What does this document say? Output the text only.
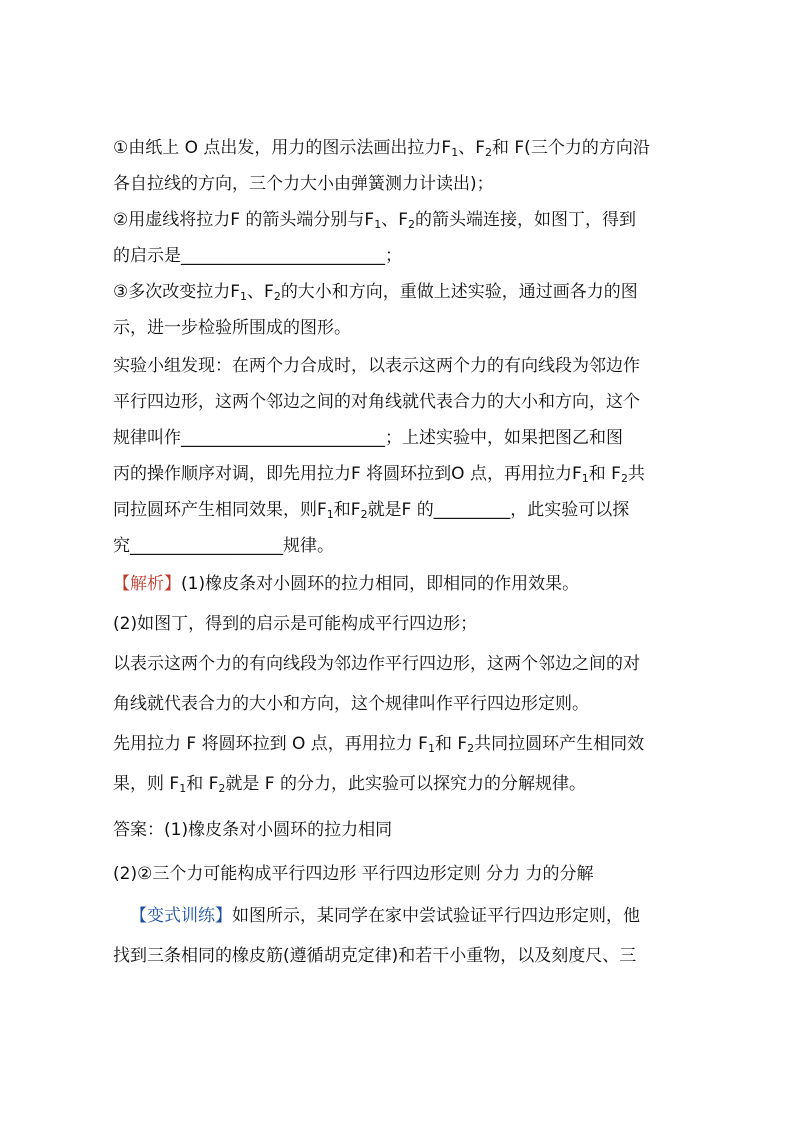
①由纸上 O 点出发，用力的图示法画出拉力$F_1$、$F_2$和 F(三个力的方向沿
各自拉线的方向，三个力大小由弹簧测力计读出)；
②用虚线将拉力F 的箭头端分别与$F_1$、$F_2$的箭头端连接，如图丁，得到
的启示是________________________；
③多次改变拉力$F_1$、$F_2$的大小和方向，重做上述实验，通过画各力的图
示，进一步检验所围成的图形。
实验小组发现：在两个力合成时，以表示这两个力的有向线段为邻边作
平行四边形，这两个邻边之间的对角线就代表合力的大小和方向，这个
规律叫作________________________；上述实验中，如果把图乙和图
丙的操作顺序对调，即先用拉力F 将圆环拉到O 点，再用拉力$F_1$和 $F_2$共
同拉圆环产生相同效果，则$F_1$和$F_2$就是F 的_________，此实验可以探
究__________________规律。
【解析】(1)橡皮条对小圆环的拉力相同，即相同的作用效果。
(2)如图丁，得到的启示是可能构成平行四边形；
以表示这两个力的有向线段为邻边作平行四边形，这两个邻边之间的对
角线就代表合力的大小和方向，这个规律叫作平行四边形定则。
先用拉力 F 将圆环拉到 O 点，再用拉力 $F_1$和 $F_2$共同拉圆环产生相同效
果，则 $F_1$和 $F_2$就是 F 的分力，此实验可以探究力的分解规律。
答案：(1)橡皮条对小圆环的拉力相同
(2)②三个力可能构成平行四边形 平行四边形定则 分力 力的分解
【变式训练】如图所示，某同学在家中尝试验证平行四边形定则，他
找到三条相同的橡皮筋(遵循胡克定律)和若干小重物，以及刻度尺、三
